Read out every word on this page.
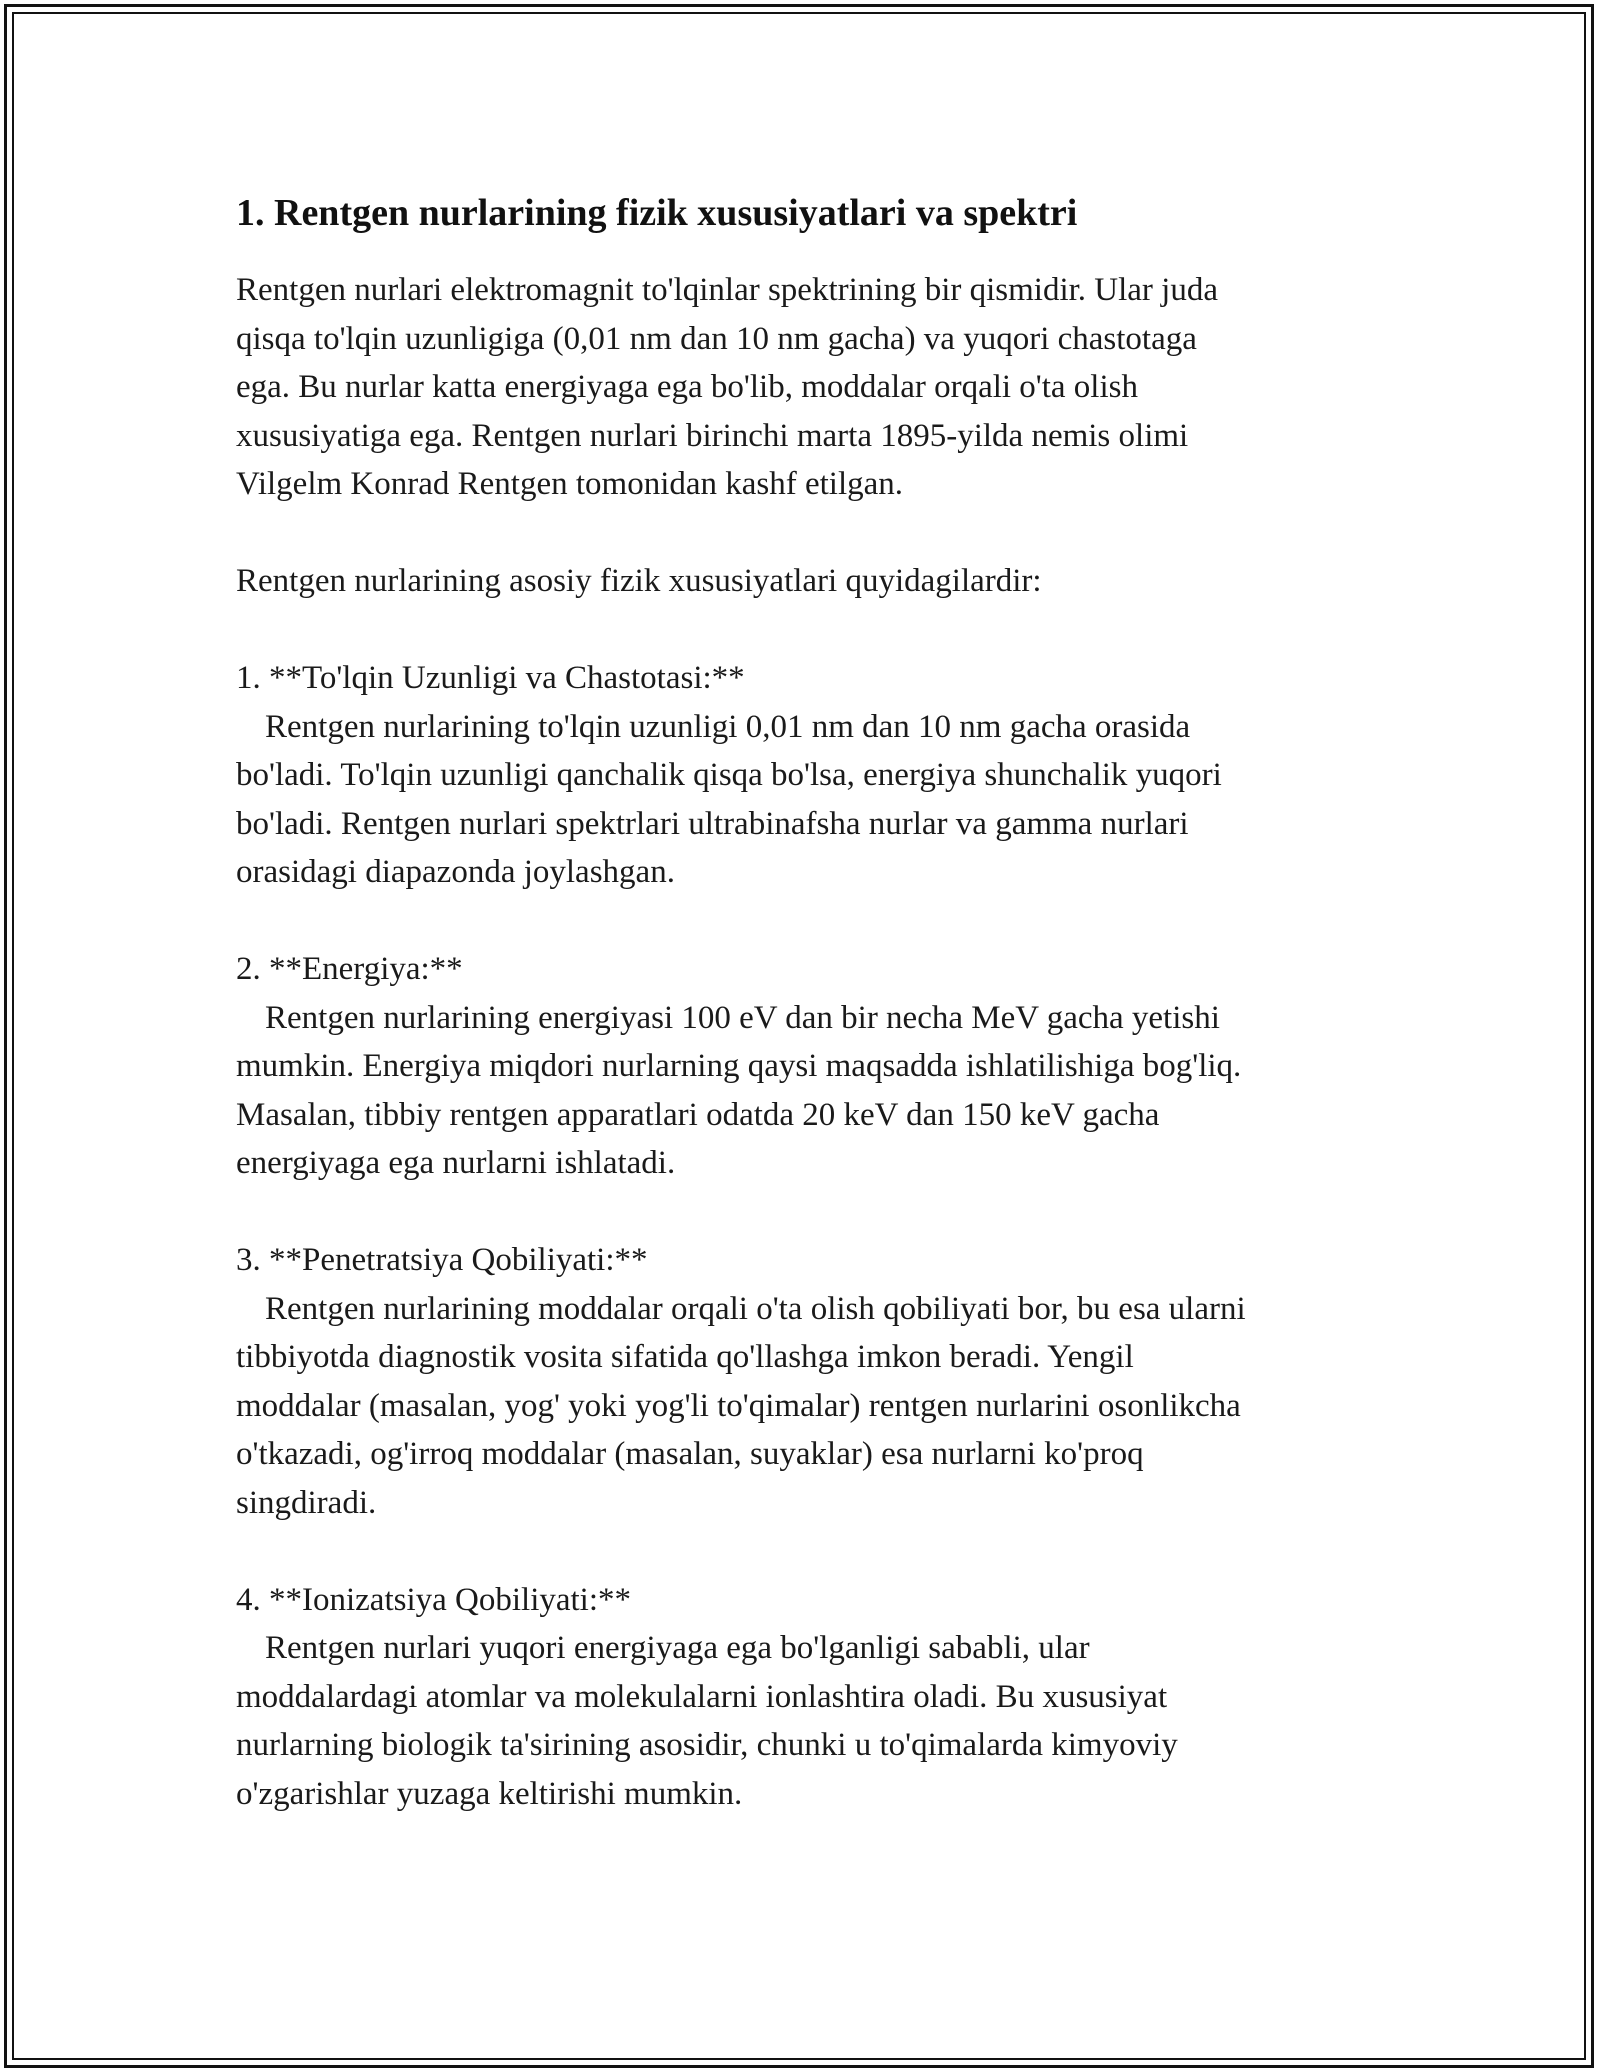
1. Rentgen nurlarining fizik xususiyatlari va spektri

Rentgen nurlari elektromagnit to'lqinlar spektrining bir qismidir. Ular juda
qisqa to'lqin uzunligiga (0,01 nm dan 10 nm gacha) va yuqori chastotaga
ega. Bu nurlar katta energiyaga ega bo'lib, moddalar orqali o'ta olish
xususiyatiga ega. Rentgen nurlari birinchi marta 1895-yilda nemis olimi
Vilgelm Konrad Rentgen tomonidan kashf etilgan.

Rentgen nurlarining asosiy fizik xususiyatlari quyidagilardir:

1. **To'lqin Uzunligi va Chastotasi:**
Rentgen nurlarining to'lqin uzunligi 0,01 nm dan 10 nm gacha orasida
bo'ladi. To'lqin uzunligi qanchalik qisqa bo'lsa, energiya shunchalik yuqori
bo'ladi. Rentgen nurlari spektrlari ultrabinafsha nurlar va gamma nurlari
orasidagi diapazonda joylashgan.

2. **Energiya:**
Rentgen nurlarining energiyasi 100 eV dan bir necha MeV gacha yetishi
mumkin. Energiya miqdori nurlarning qaysi maqsadda ishlatilishiga bog'liq.
Masalan, tibbiy rentgen apparatlari odatda 20 keV dan 150 keV gacha
energiyaga ega nurlarni ishlatadi.

3. **Penetratsiya Qobiliyati:**
Rentgen nurlarining moddalar orqali o'ta olish qobiliyati bor, bu esa ularni
tibbiyotda diagnostik vosita sifatida qo'llashga imkon beradi. Yengil
moddalar (masalan, yog' yoki yog'li to'qimalar) rentgen nurlarini osonlikcha
o'tkazadi, og'irroq moddalar (masalan, suyaklar) esa nurlarni ko'proq
singdiradi.

4. **Ionizatsiya Qobiliyati:**
Rentgen nurlari yuqori energiyaga ega bo'lganligi sababli, ular
moddalardagi atomlar va molekulalarni ionlashtira oladi. Bu xususiyat
nurlarning biologik ta'sirining asosidir, chunki u to'qimalarda kimyoviy
o'zgarishlar yuzaga keltirishi mumkin.
